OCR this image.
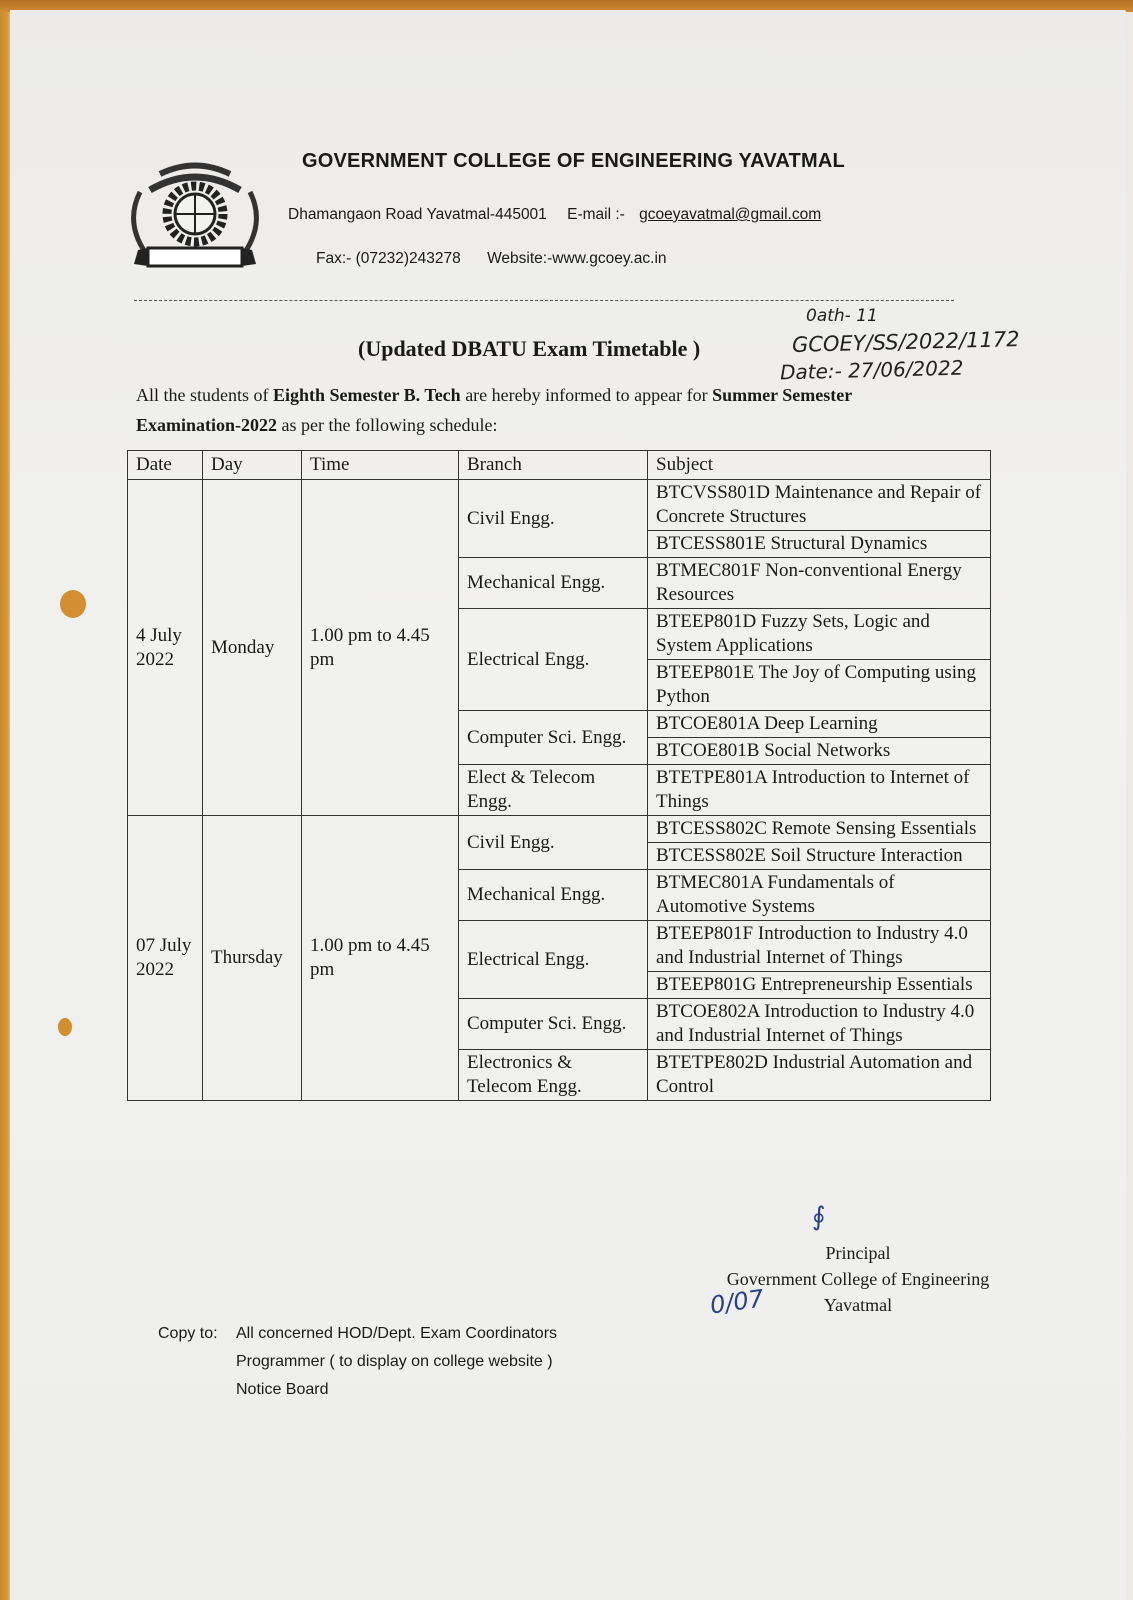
GOVERNMENT COLLEGE OF ENGINEERING YAVATMAL
Dhamangaon Road Yavatmal-445001 E-mail :- gcoeyavatmal@gmail.com
Fax:- (07232)243278 Website:-www.gcoey.ac.in
0ath- 11
GCOEY/SS/2022/1172
Date:- 27/06/2022
(Updated DBATU Exam Timetable )
All the students of Eighth Semester B. Tech are hereby informed to appear for Summer Semester Examination-2022 as per the following schedule:
Date	Day	Time	Branch	Subject
4 July 2022	Monday	1.00 pm to 4.45 pm	Civil Engg.	BTCVSS801D Maintenance and Repair of Concrete Structures
				BTCESS801E Structural Dynamics
			Mechanical Engg.	BTMEC801F Non-conventional Energy Resources
			Electrical Engg.	BTEEP801D Fuzzy Sets, Logic and System Applications
				BTEEP801E The Joy of Computing using Python
			Computer Sci. Engg.	BTCOE801A Deep Learning
				BTCOE801B Social Networks
			Elect & Telecom Engg.	BTETPE801A Introduction to Internet of Things
07 July 2022	Thursday	1.00 pm to 4.45 pm	Civil Engg.	BTCESS802C Remote Sensing Essentials
				BTCESS802E Soil Structure Interaction
			Mechanical Engg.	BTMEC801A Fundamentals of Automotive Systems
			Electrical Engg.	BTEEP801F Introduction to Industry 4.0 and Industrial Internet of Things
				BTEEP801G Entrepreneurship Essentials
			Computer Sci. Engg.	BTCOE802A Introduction to Industry 4.0 and Industrial Internet of Things
			Electronics & Telecom Engg.	BTETPE802D Industrial Automation and Control
∮
Principal
Government College of Engineering
Yavatmal
0/07
Copy to: All concerned HOD/Dept. Exam Coordinators
Programmer ( to display on college website )
Notice Board
